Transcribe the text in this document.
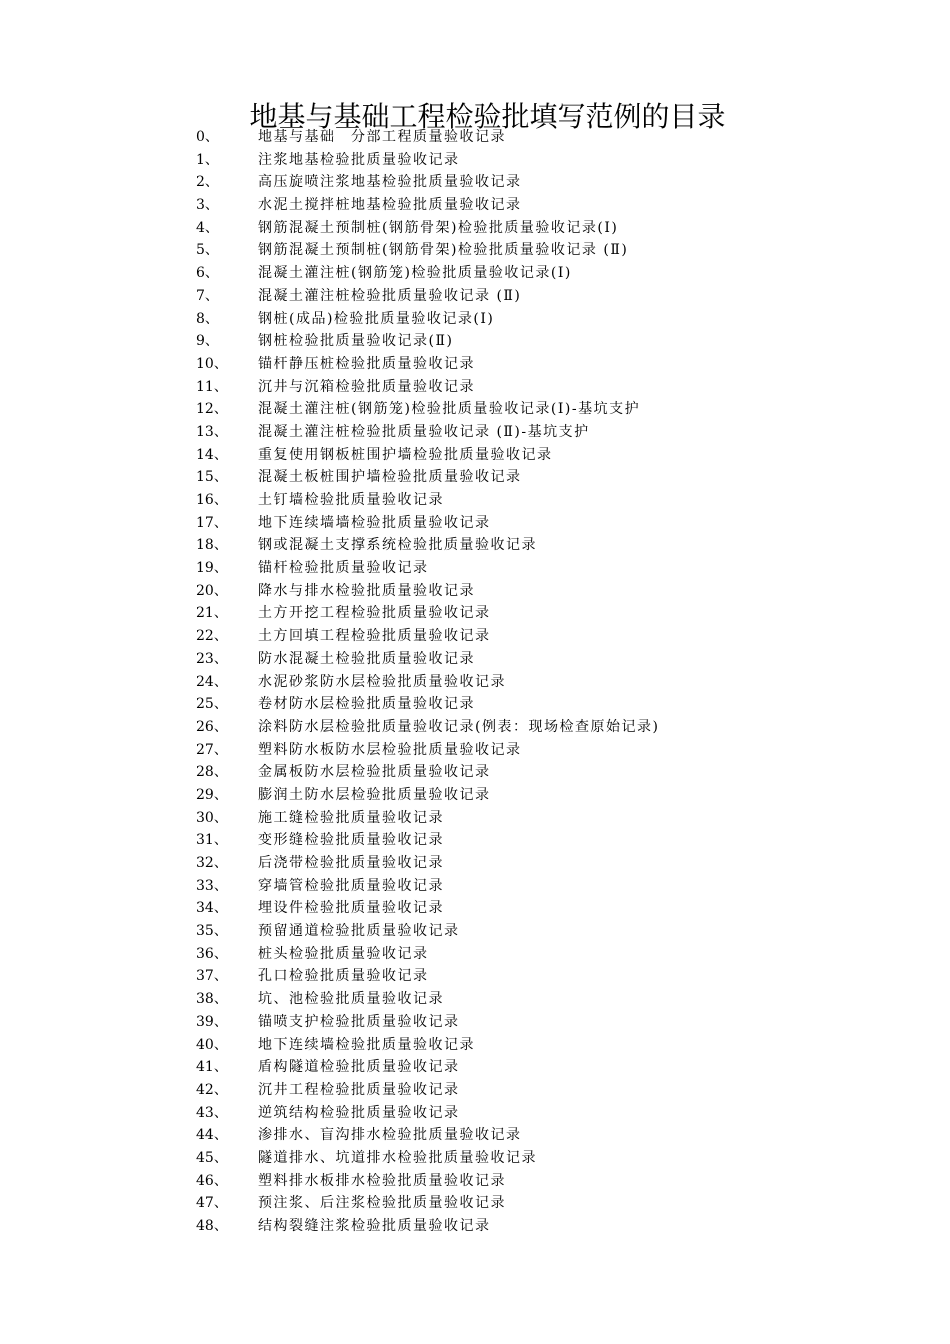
地基与基础工程检验批填写范例的目录
0、	地基与基础　分部工程质量验收记录
1、	注浆地基检验批质量验收记录
2、	高压旋喷注浆地基检验批质量验收记录
3、	水泥土搅拌桩地基检验批质量验收记录
4、	钢筋混凝土预制桩(钢筋骨架)检验批质量验收记录(Ⅰ)
5、	钢筋混凝土预制桩(钢筋骨架)检验批质量验收记录 (Ⅱ)
6、	混凝土灌注桩(钢筋笼)检验批质量验收记录(Ⅰ)
7、	混凝土灌注桩检验批质量验收记录 (Ⅱ)
8、	钢桩(成品)检验批质量验收记录(Ⅰ)
9、	钢桩检验批质量验收记录(Ⅱ)
10、	锚杆静压桩检验批质量验收记录
11、	沉井与沉箱检验批质量验收记录
12、	混凝土灌注桩(钢筋笼)检验批质量验收记录(Ⅰ)-基坑支护
13、	混凝土灌注桩检验批质量验收记录 (Ⅱ)-基坑支护
14、	重复使用钢板桩围护墙检验批质量验收记录
15、	混凝土板桩围护墙检验批质量验收记录
16、	土钉墙检验批质量验收记录
17、	地下连续墙墙检验批质量验收记录
18、	钢或混凝土支撑系统检验批质量验收记录
19、	锚杆检验批质量验收记录
20、	降水与排水检验批质量验收记录
21、	土方开挖工程检验批质量验收记录
22、	土方回填工程检验批质量验收记录
23、	防水混凝土检验批质量验收记录
24、	水泥砂浆防水层检验批质量验收记录
25、	卷材防水层检验批质量验收记录
26、	涂料防水层检验批质量验收记录(例表：现场检查原始记录)
27、	塑料防水板防水层检验批质量验收记录
28、	金属板防水层检验批质量验收记录
29、	膨润土防水层检验批质量验收记录
30、	施工缝检验批质量验收记录
31、	变形缝检验批质量验收记录
32、	后浇带检验批质量验收记录
33、	穿墙管检验批质量验收记录
34、	埋设件检验批质量验收记录
35、	预留通道检验批质量验收记录
36、	桩头检验批质量验收记录
37、	孔口检验批质量验收记录
38、	坑、池检验批质量验收记录
39、	锚喷支护检验批质量验收记录
40、	地下连续墙检验批质量验收记录
41、	盾构隧道检验批质量验收记录
42、	沉井工程检验批质量验收记录
43、	逆筑结构检验批质量验收记录
44、	渗排水、盲沟排水检验批质量验收记录
45、	隧道排水、坑道排水检验批质量验收记录
46、	塑料排水板排水检验批质量验收记录
47、	预注浆、后注浆检验批质量验收记录
48、	结构裂缝注浆检验批质量验收记录
